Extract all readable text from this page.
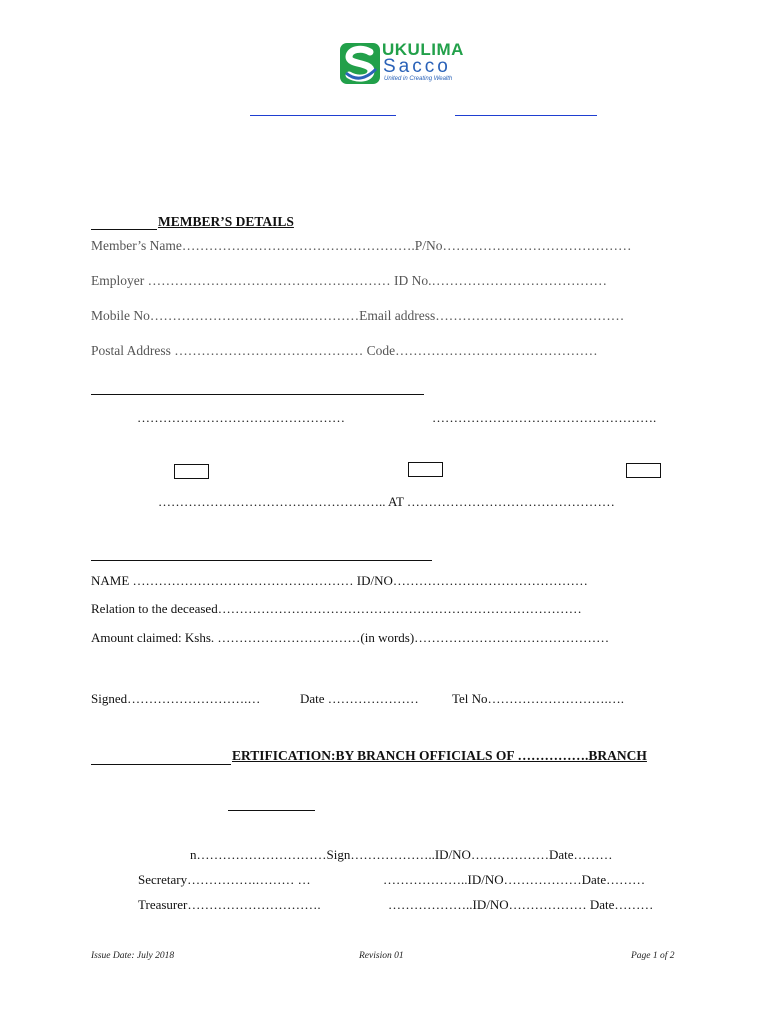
UKULIMA
Sacco
United in Creating Wealth
MEMBER’S DETAILS
Member’s Name…………………………………………….P/No……………………………………
Employer ……………………………………………… ID No.…………………………………
Mobile No……………………………..…………Email address……………………………………
Postal Address …………………………………… Code………………………………………
…………………………………………	…………………………………………….
…………………………………………….. AT …………………………………………
NAME …………………………………………… ID/NO………………………………………
Relation to the deceased…………………………………………………………………………
Amount claimed: Kshs. ……………………………(in words)………………………………………
Signed……………………….…	Date …………………	Tel No……………………….….
ERTIFICATION:BY BRANCH OFFICIALS OF …………….BRANCH
n…………………………Sign………………..ID/NO………………Date………
Secretary…………….……… …	………………..ID/NO………………Date………
Treasurer………………………….	………………..ID/NO……………… Date………
Issue Date: July 2018	Revision 01	Page 1 of 2
